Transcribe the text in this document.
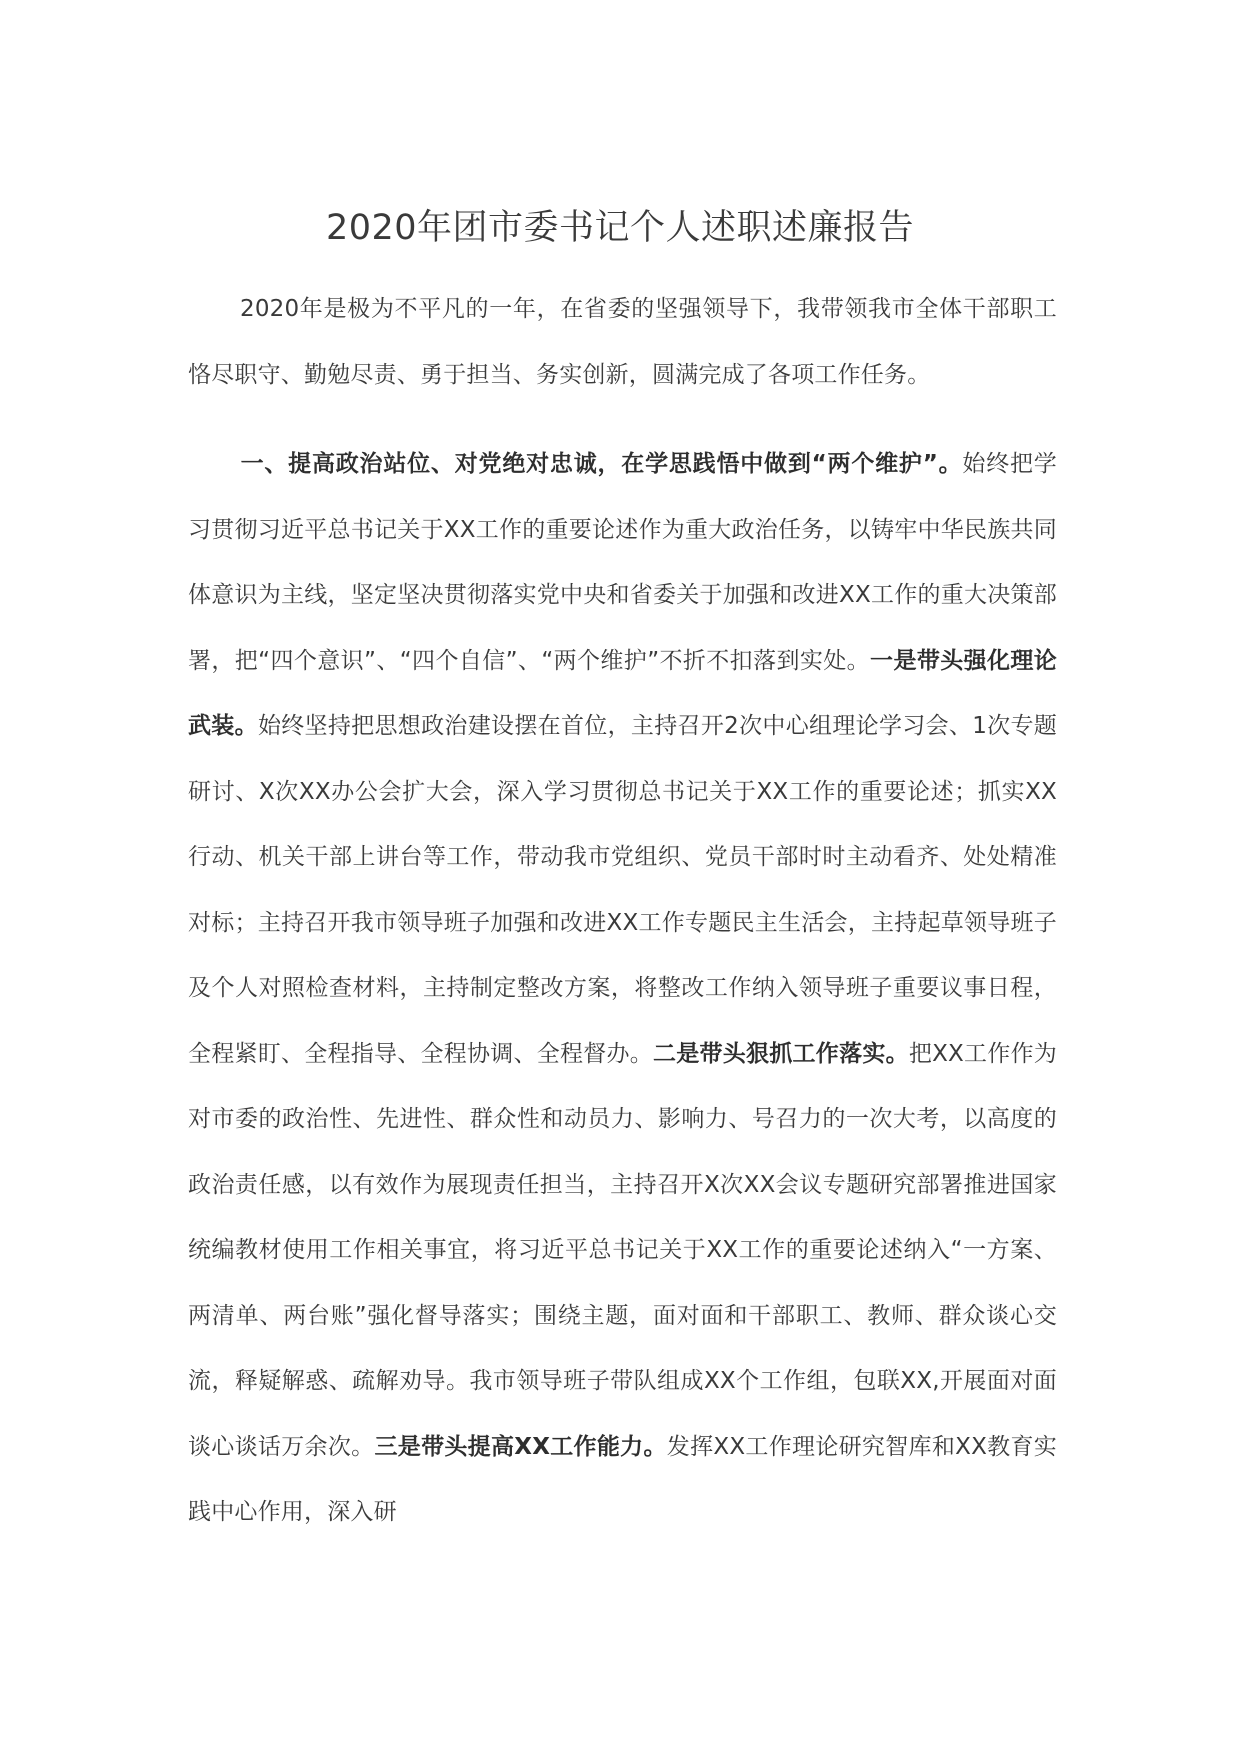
2020年团市委书记个人述职述廉报告

2020年是极为不平凡的一年，在省委的坚强领导下，我带领我市全体干部职工恪尽职守、勤勉尽责、勇于担当、务实创新，圆满完成了各项工作任务。

一、提高政治站位、对党绝对忠诚，在学思践悟中做到“两个维护”。始终把学习贯彻习近平总书记关于XX工作的重要论述作为重大政治任务，以铸牢中华民族共同体意识为主线，坚定坚决贯彻落实党中央和省委关于加强和改进XX工作的重大决策部署，把“四个意识”、“四个自信”、“两个维护”不折不扣落到实处。一是带头强化理论武装。始终坚持把思想政治建设摆在首位，主持召开2次中心组理论学习会、1次专题研讨、X次XX办公会扩大会，深入学习贯彻总书记关于XX工作的重要论述；抓实XX行动、机关干部上讲台等工作，带动我市党组织、党员干部时时主动看齐、处处精准对标；主持召开我市领导班子加强和改进XX工作专题民主生活会，主持起草领导班子及个人对照检查材料，主持制定整改方案，将整改工作纳入领导班子重要议事日程，全程紧盯、全程指导、全程协调、全程督办。二是带头狠抓工作落实。把XX工作作为对市委的政治性、先进性、群众性和动员力、影响力、号召力的一次大考，以高度的政治责任感，以有效作为展现责任担当，主持召开X次XX会议专题研究部署推进国家统编教材使用工作相关事宜，将习近平总书记关于XX工作的重要论述纳入“一方案、两清单、两台账”强化督导落实；围绕主题，面对面和干部职工、教师、群众谈心交流，释疑解惑、疏解劝导。我市领导班子带队组成XX个工作组，包联XX,开展面对面谈心谈话万余次。三是带头提高XX工作能力。发挥XX工作理论研究智库和XX教育实践中心作用，深入研
